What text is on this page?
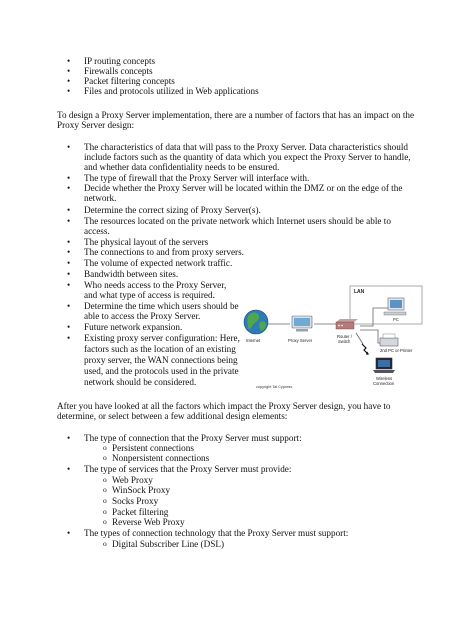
• IP routing concepts
• Firewalls concepts
• Packet filtering concepts
• Files and protocols utilized in Web applications
To design a Proxy Server implementation, there are a number of factors that has an impact on the
Proxy Server design:
• The characteristics of data that will pass to the Proxy Server. Data characteristics should
include factors such as the quantity of data which you expect the Proxy Server to handle,
and whether data confidentiality needs to be ensured.
• The type of firewall that the Proxy Server will interface with.
• Decide whether the Proxy Server will be located within the DMZ or on the edge of the
network.
• Determine the correct sizing of Proxy Server(s).
• The resources located on the private network which Internet users should be able to
access.
• The physical layout of the servers
• The connections to and from proxy servers.
• The volume of expected network traffic.
• Bandwidth between sites.
• Who needs access to the Proxy Server,
and what type of access is required.
• Determine the time which users should be
able to access the Proxy Server.
• Future network expansion.
• Existing proxy server configuration: Here,
factors such as the location of an existing
proxy server, the WAN connections being
used, and the protocols used in the private
network should be considered.
LAN
Internet	Proxy Server
Router /
Switch
PC
2nd PC or Printer
Wireless
Connection
copyright Tal Cypress
After you have looked at all the factors which impact the Proxy Server design, you have to
determine, or select between a few additional design elements:
• The type of connection that the Proxy Server must support:
o Persistent connections
o Nonpersistent connections
• The type of services that the Proxy Server must provide:
o Web Proxy
o WinSock Proxy
o Socks Proxy
o Packet filtering
o Reverse Web Proxy
• The types of connection technology that the Proxy Server must support:
o Digital Subscriber Line (DSL)
